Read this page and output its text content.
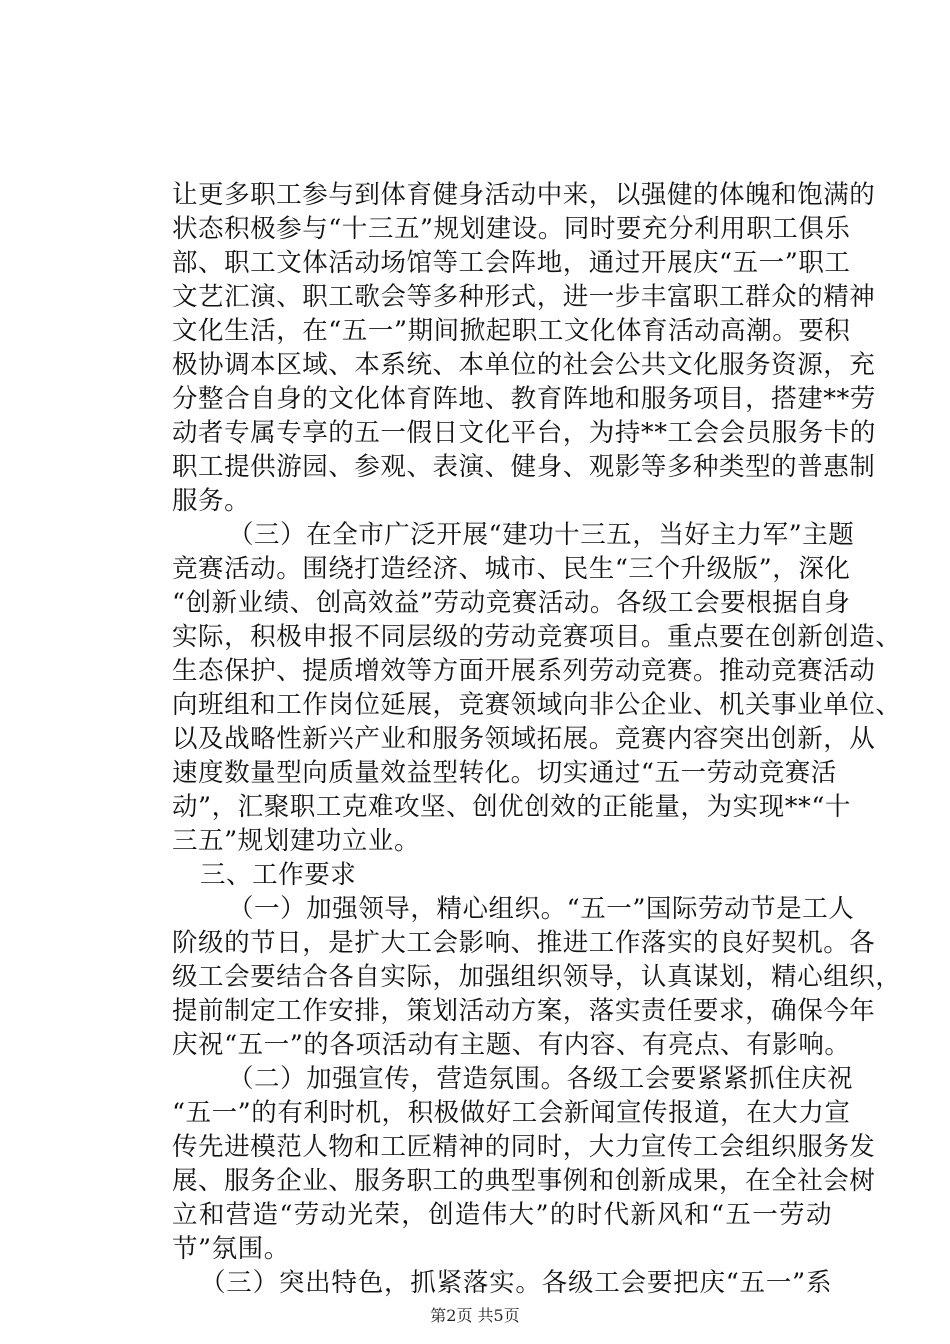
让更多职工参与到体育健身活动中来，以强健的体魄和饱满的
状态积极参与“十三五”规划建设。同时要充分利用职工俱乐
部、职工文体活动场馆等工会阵地，通过开展庆“五一”职工
文艺汇演、职工歌会等多种形式，进一步丰富职工群众的精神
文化生活，在“五一”期间掀起职工文化体育活动高潮。要积
极协调本区域、本系统、本单位的社会公共文化服务资源，充
分整合自身的文化体育阵地、教育阵地和服务项目，搭建**劳
动者专属专享的五一假日文化平台，为持**工会会员服务卡的
职工提供游园、参观、表演、健身、观影等多种类型的普惠制
服务。
（三）在全市广泛开展“建功十三五，当好主力军”主题
竞赛活动。围绕打造经济、城市、民生“三个升级版”，深化
“创新业绩、创高效益”劳动竞赛活动。各级工会要根据自身
实际，积极申报不同层级的劳动竞赛项目。重点要在创新创造、
生态保护、提质增效等方面开展系列劳动竞赛。推动竞赛活动
向班组和工作岗位延展，竞赛领域向非公企业、机关事业单位、
以及战略性新兴产业和服务领域拓展。竞赛内容突出创新，从
速度数量型向质量效益型转化。切实通过“五一劳动竞赛活
动”，汇聚职工克难攻坚、创优创效的正能量，为实现**“十
三五”规划建功立业。
三、工作要求
（一）加强领导，精心组织。“五一”国际劳动节是工人
阶级的节日，是扩大工会影响、推进工作落实的良好契机。各
级工会要结合各自实际，加强组织领导，认真谋划，精心组织，
提前制定工作安排，策划活动方案，落实责任要求，确保今年
庆祝“五一”的各项活动有主题、有内容、有亮点、有影响。
（二）加强宣传，营造氛围。各级工会要紧紧抓住庆祝
“五一”的有利时机，积极做好工会新闻宣传报道，在大力宣
传先进模范人物和工匠精神的同时，大力宣传工会组织服务发
展、服务企业、服务职工的典型事例和创新成果，在全社会树
立和营造“劳动光荣，创造伟大”的时代新风和“五一劳动
节”氛围。
（三）突出特色，抓紧落实。各级工会要把庆“五一”系
第2页 共5页
